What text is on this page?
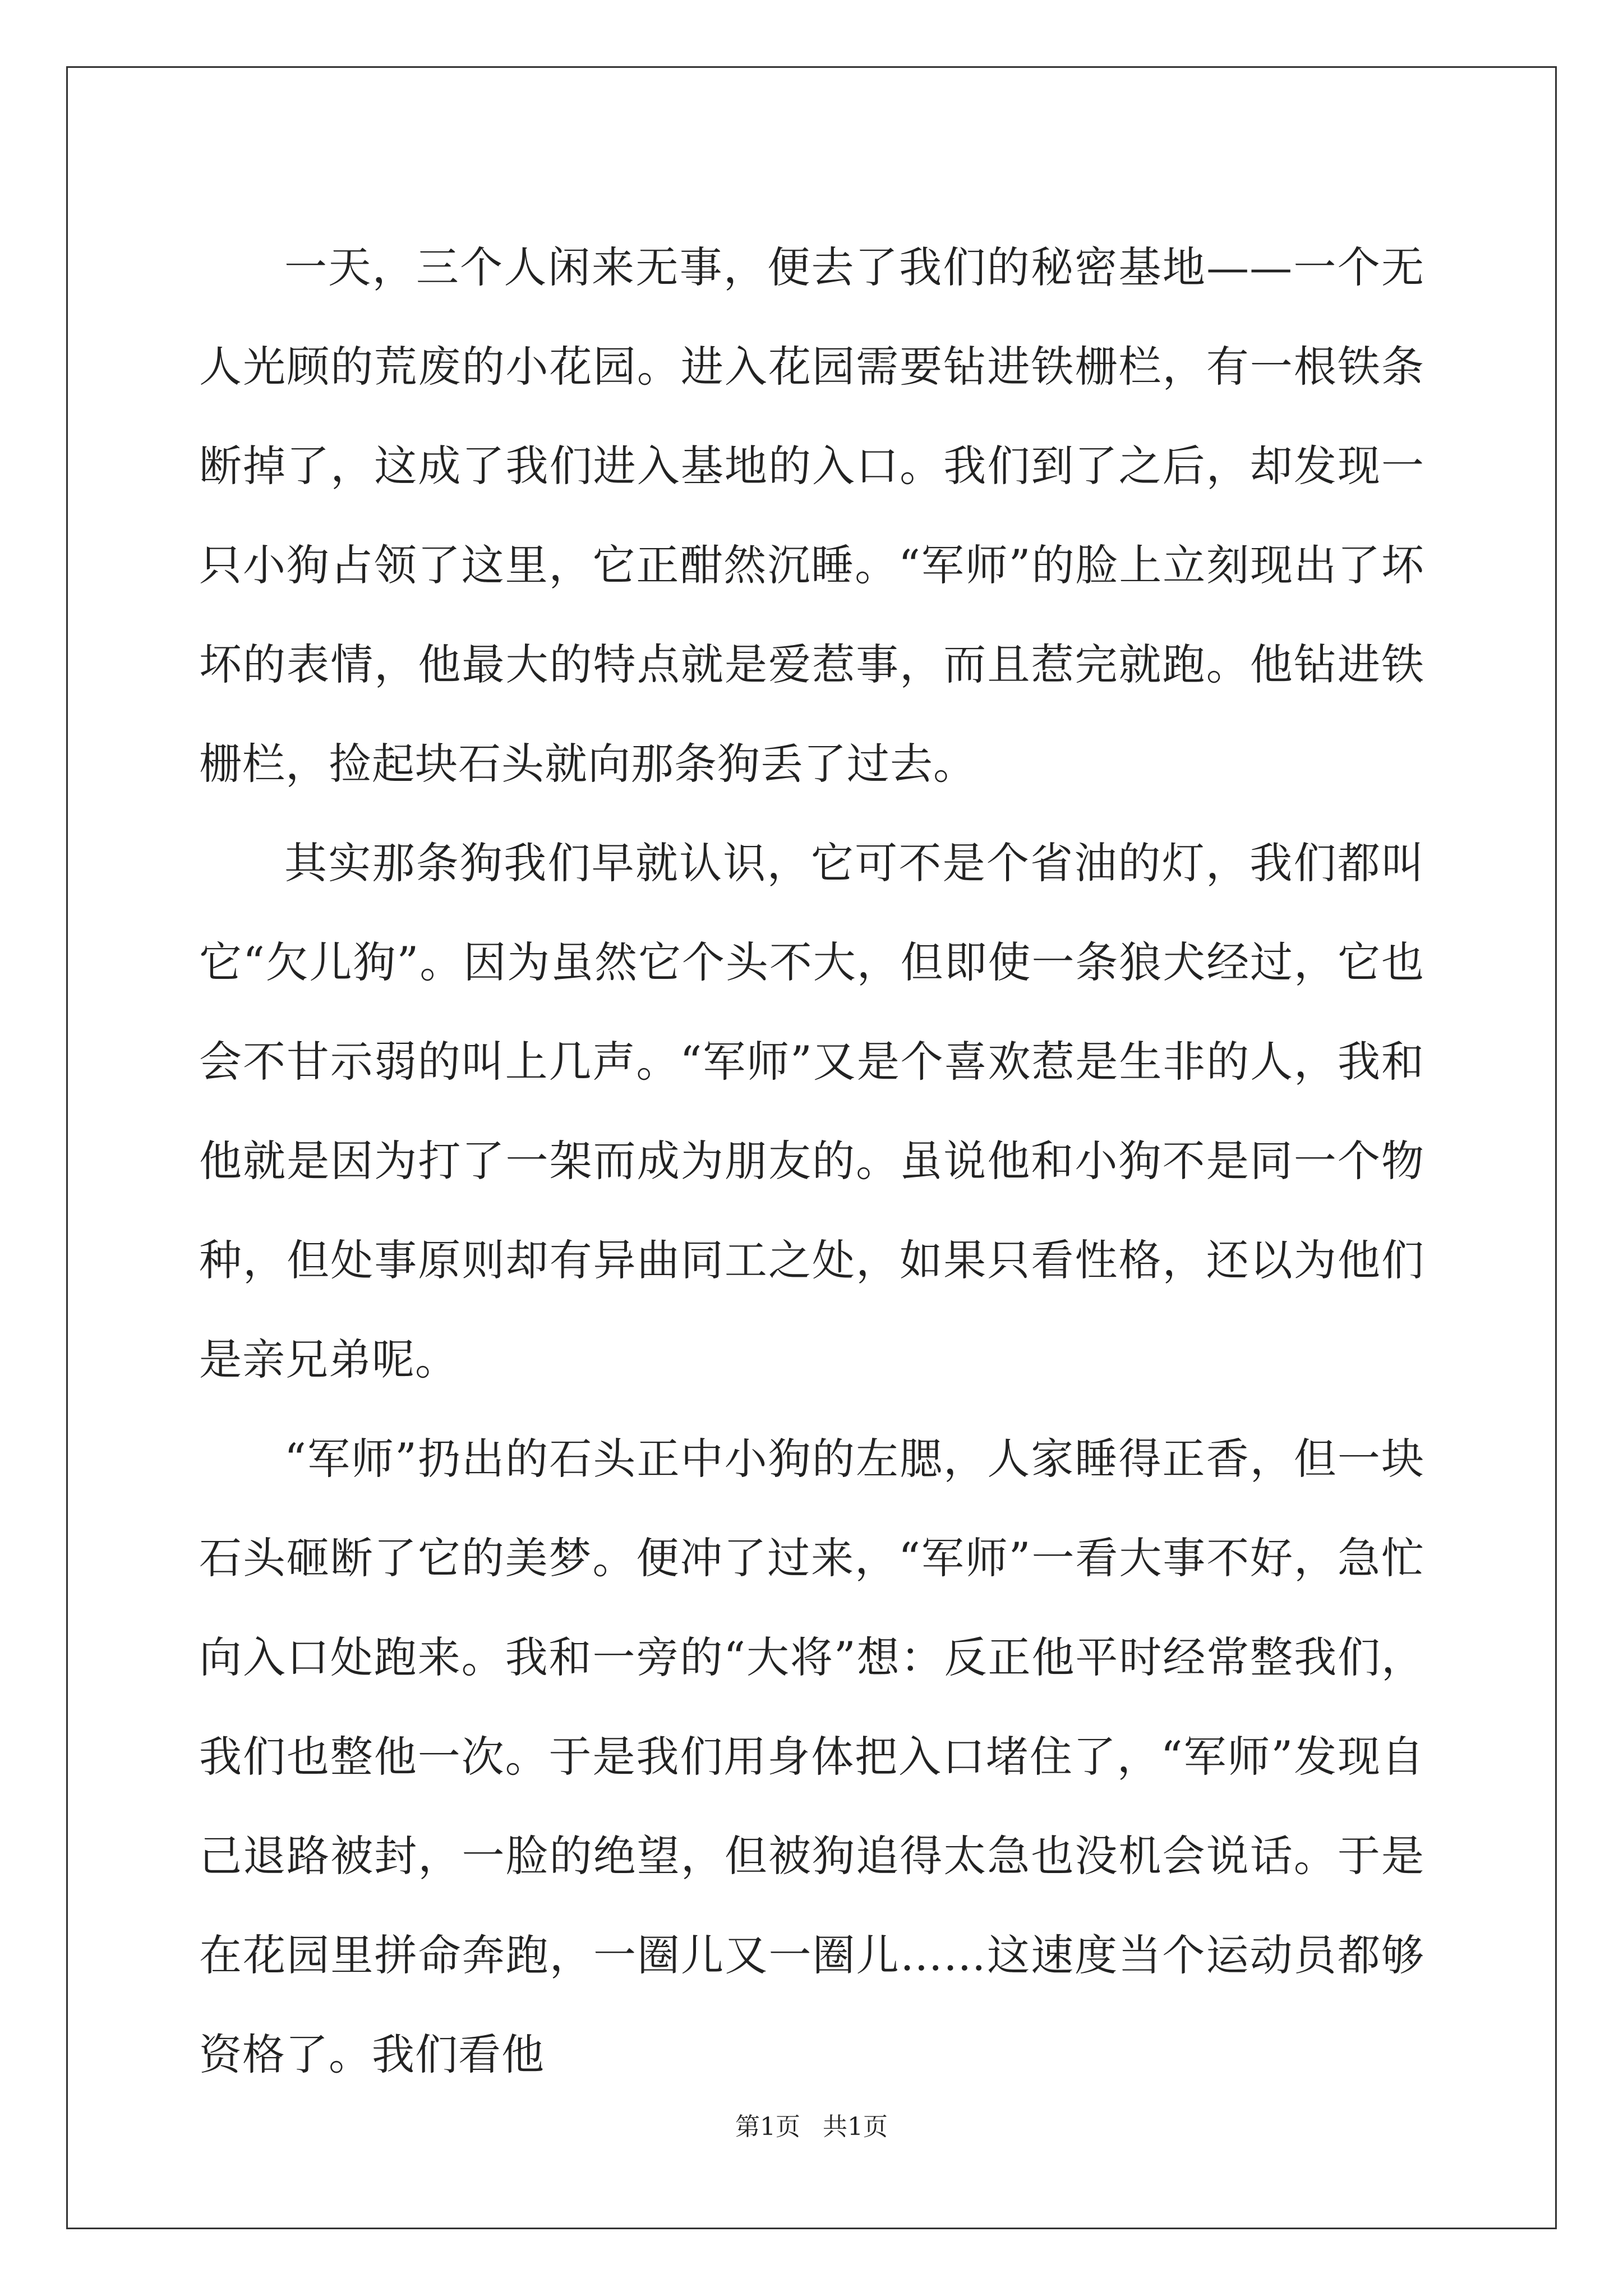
一天，三个人闲来无事，便去了我们的秘密基地——一个无人光顾的荒废的小花园。进入花园需要钻进铁栅栏，有一根铁条断掉了，这成了我们进入基地的入口。我们到了之后，却发现一只小狗占领了这里，它正酣然沉睡。“军师”的脸上立刻现出了坏坏的表情，他最大的特点就是爱惹事，而且惹完就跑。他钻进铁栅栏，捡起块石头就向那条狗丢了过去。

其实那条狗我们早就认识，它可不是个省油的灯，我们都叫它“欠儿狗”。因为虽然它个头不大，但即使一条狼犬经过，它也会不甘示弱的叫上几声。“军师”又是个喜欢惹是生非的人，我和他就是因为打了一架而成为朋友的。虽说他和小狗不是同一个物种，但处事原则却有异曲同工之处，如果只看性格，还以为他们是亲兄弟呢。

“军师”扔出的石头正中小狗的左腮，人家睡得正香，但一块石头砸断了它的美梦。便冲了过来，“军师”一看大事不好，急忙向入口处跑来。我和一旁的“大将”想：反正他平时经常整我们，我们也整他一次。于是我们用身体把入口堵住了，“军师”发现自己退路被封，一脸的绝望，但被狗追得太急也没机会说话。于是在花园里拼命奔跑，一圈儿又一圈儿……这速度当个运动员都够资格了。我们看他

第1页 共1页
